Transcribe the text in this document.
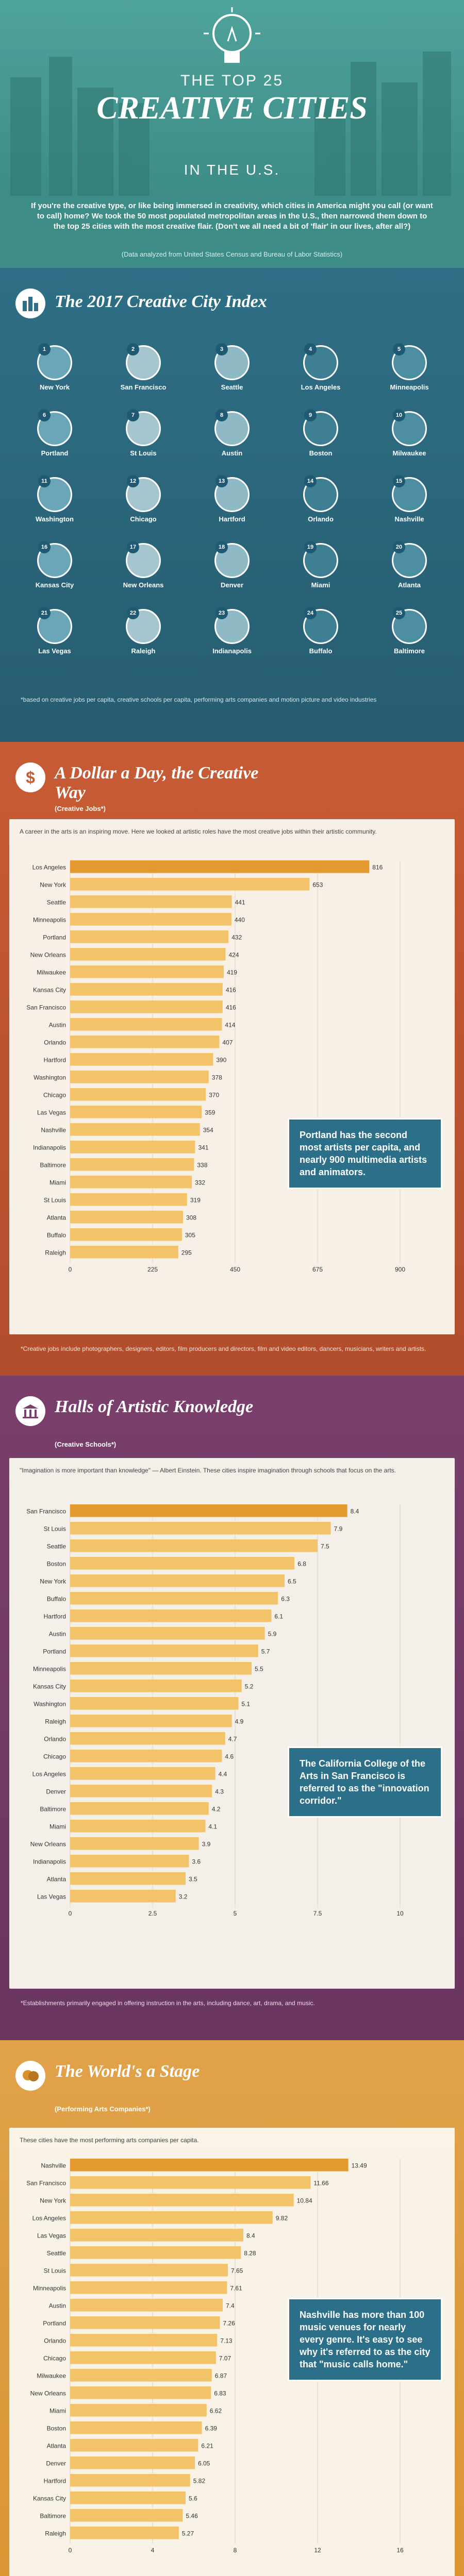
THE TOP 25
CREATIVE CITIES
IN THE U.S.
If you're the creative type, or like being immersed in creativity, which cities in America might you call (or want to call) home? We took the 50 most populated metropolitan areas in the U.S., then narrowed them down to the top 25 cities with the most creative flair. (Don't we all need a bit of 'flair' in our lives, after all?)
(Data analyzed from United States Census and Bureau of Labor Statistics)
The 2017 Creative City Index
1
New York
2
San Francisco
3
Seattle
4
Los Angeles
5
Minneapolis
6
Portland
7
St Louis
8
Austin
9
Boston
10
Milwaukee
11
Washington
12
Chicago
13
Hartford
14
Orlando
15
Nashville
16
Kansas City
17
New Orleans
18
Denver
19
Miami
20
Atlanta
21
Las Vegas
22
Raleigh
23
Indianapolis
24
Buffalo
25
Baltimore
*based on creative jobs per capita, creative schools per capita, performing arts companies and motion picture and video industries
$ A Dollar a Day, the Creative Way
(Creative Jobs*)
A career in the arts is an inspiring move. Here we looked at artistic roles have the most creative jobs within their artistic community.
0	225	450	675	900
Los Angeles	816
New York	653
Seattle	441
Minneapolis	440
Portland	432
New Orleans	424
Milwaukee	419
Kansas City	416
San Francisco	416
Austin	414
Orlando	407
Hartford	390
Washington	378
Chicago	370
Las Vegas	359
Nashville	354
Indianapolis	341
Baltimore	338
Miami	332
St Louis	319
Atlanta	308
Buffalo	305
Raleigh	295
Portland has the second most artists per capita, and nearly 900 multimedia artists and animators.
*Creative jobs include photographers, designers, editors, film producers and directors, film and video editors, dancers, musicians, writers and artists.
Halls of Artistic Knowledge
(Creative Schools*)
"Imagination is more important than knowledge" — Albert Einstein. These cities inspire imagination through schools that focus on the arts.
0	2.5	5	7.5	10
San Francisco	8.4
St Louis	7.9
Seattle	7.5
Boston	6.8
New York	6.5
Buffalo	6.3
Hartford	6.1
Austin	5.9
Portland	5.7
Minneapolis	5.5
Kansas City	5.2
Washington	5.1
Raleigh	4.9
Orlando	4.7
Chicago	4.6
Los Angeles	4.4
Denver	4.3
Baltimore	4.2
Miami	4.1
New Orleans	3.9
Indianapolis	3.6
Atlanta	3.5
Las Vegas	3.2
The California College of the Arts in San Francisco is referred to as the "innovation corridor."
*Establishments primarily engaged in offering instruction in the arts, including dance, art, drama, and music.
The World's a Stage
(Performing Arts Companies*)
These cities have the most performing arts companies per capita.
0	4	8	12	16
Nashville	13.49
San Francisco	11.66
New York	10.84
Los Angeles	9.82
Las Vegas	8.4
Seattle	8.28
St Louis	7.65
Minneapolis	7.61
Austin	7.4
Portland	7.26
Orlando	7.13
Chicago	7.07
Milwaukee	6.87
New Orleans	6.83
Miami	6.62
Boston	6.39
Atlanta	6.21
Denver	6.05
Hartford	5.82
Kansas City	5.6
Baltimore	5.46
Raleigh	5.27
Nashville has more than 100 music venues for nearly every genre. It's easy to see why it's referred to as the city that "music calls home."
